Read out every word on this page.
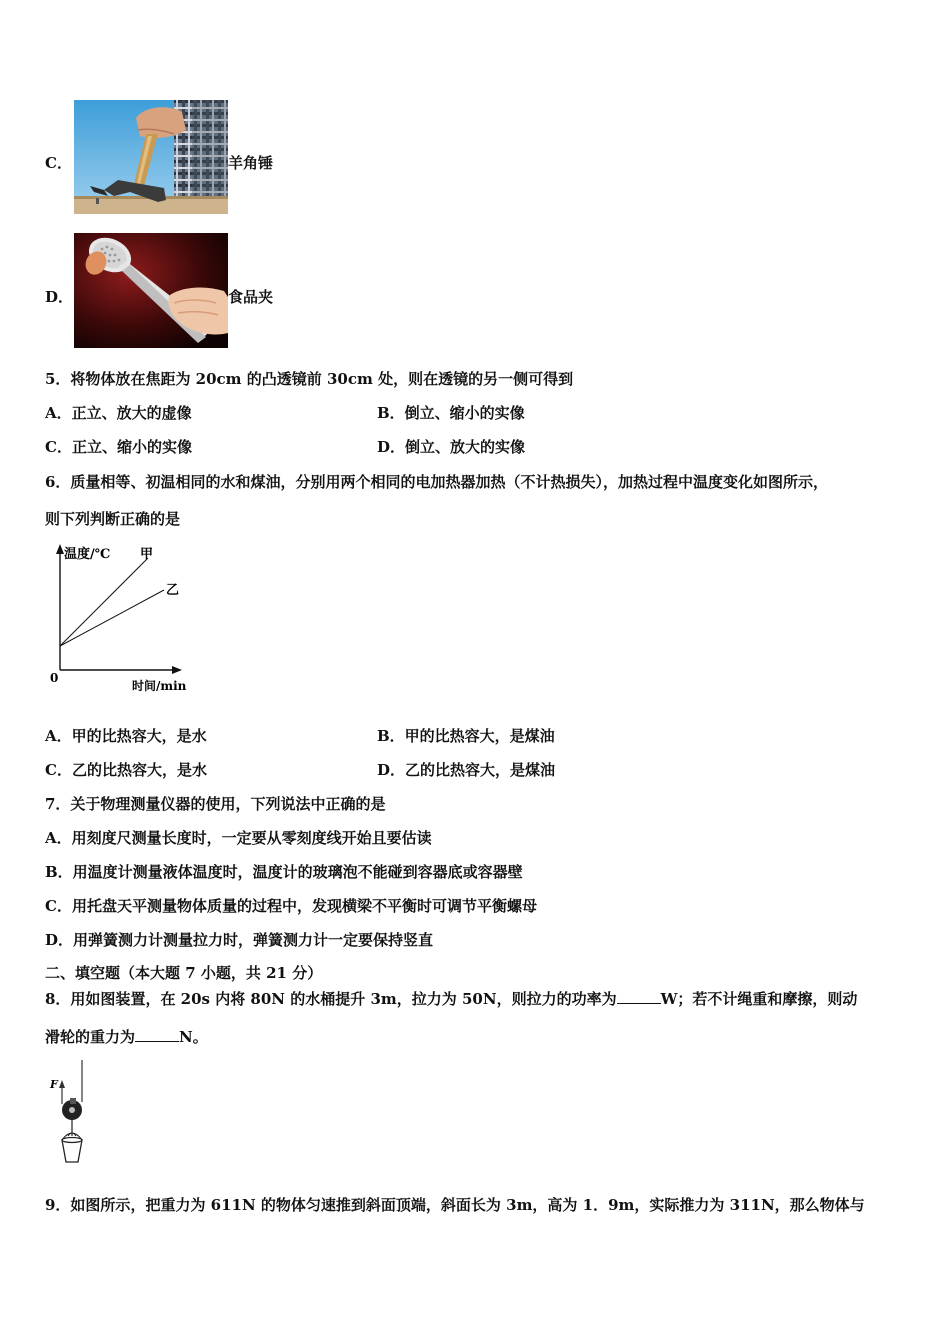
C．	羊角锤
D．	食品夹
5．将物体放在焦距为 20cm 的凸透镜前 30cm 处，则在透镜的另一侧可得到
A．正立、放大的虚像	B．倒立、缩小的实像
C．正立、缩小的实像	D．倒立、放大的实像
6．质量相等、初温相同的水和煤油，分别用两个相同的电加热器加热（不计热损失），加热过程中温度变化如图所示，
则下列判断正确的是
温度/℃ 甲
乙
0
时间/min
A．甲的比热容大，是水	B．甲的比热容大，是煤油
C．乙的比热容大，是水	D．乙的比热容大，是煤油
7．关于物理测量仪器的使用，下列说法中正确的是
A．用刻度尺测量长度时，一定要从零刻度线开始且要估读
B．用温度计测量液体温度时，温度计的玻璃泡不能碰到容器底或容器壁
C．用托盘天平测量物体质量的过程中，发现横梁不平衡时可调节平衡螺母
D．用弹簧测力计测量拉力时，弹簧测力计一定要保持竖直
二、填空题（本大题 7 小题，共 21 分）
8．用如图装置，在 20s 内将 80N 的水桶提升 3m，拉力为 50N，则拉力的功率为	W；若不计绳重和摩擦，则动
滑轮的重力为	N。
F
9．如图所示，把重力为 611N 的物体匀速推到斜面顶端，斜面长为 3m，高为 1．9m，实际推力为 311N，那么物体与
